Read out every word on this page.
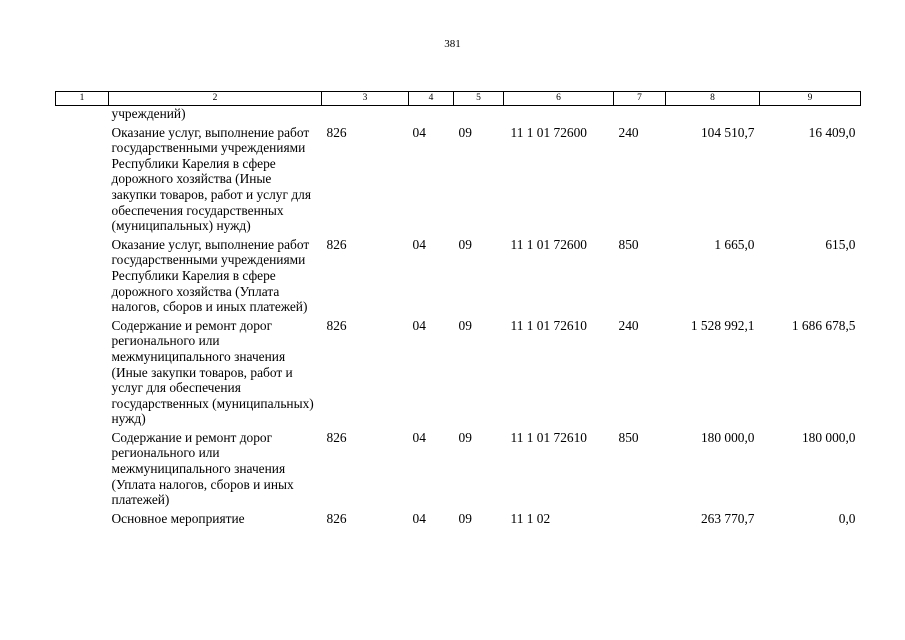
381
1	2	3	4	5	6	7	8	9
	учреждений)							
	Оказание услуг, выполнение работ государственными учреждениями Республики Карелия в сфере дорожного хозяйства (Иные закупки товаров, работ и услуг для обеспечения государственных (муниципальных) нужд)	826	04	09	11 1 01 72600	240	104 510,7	16 409,0
	Оказание услуг, выполнение работ государственными учреждениями Республики Карелия в сфере дорожного хозяйства (Уплата налогов, сборов и иных платежей)	826	04	09	11 1 01 72600	850	1 665,0	615,0
	Содержание и ремонт дорог регионального или межмуниципального значения (Иные закупки товаров, работ и услуг для обеспечения государственных (муниципальных) нужд)	826	04	09	11 1 01 72610	240	1 528 992,1	1 686 678,5
	Содержание и ремонт дорог регионального или межмуниципального значения (Уплата налогов, сборов и иных платежей)	826	04	09	11 1 01 72610	850	180 000,0	180 000,0
	Основное мероприятие	826	04	09	11 1 02		263 770,7	0,0
